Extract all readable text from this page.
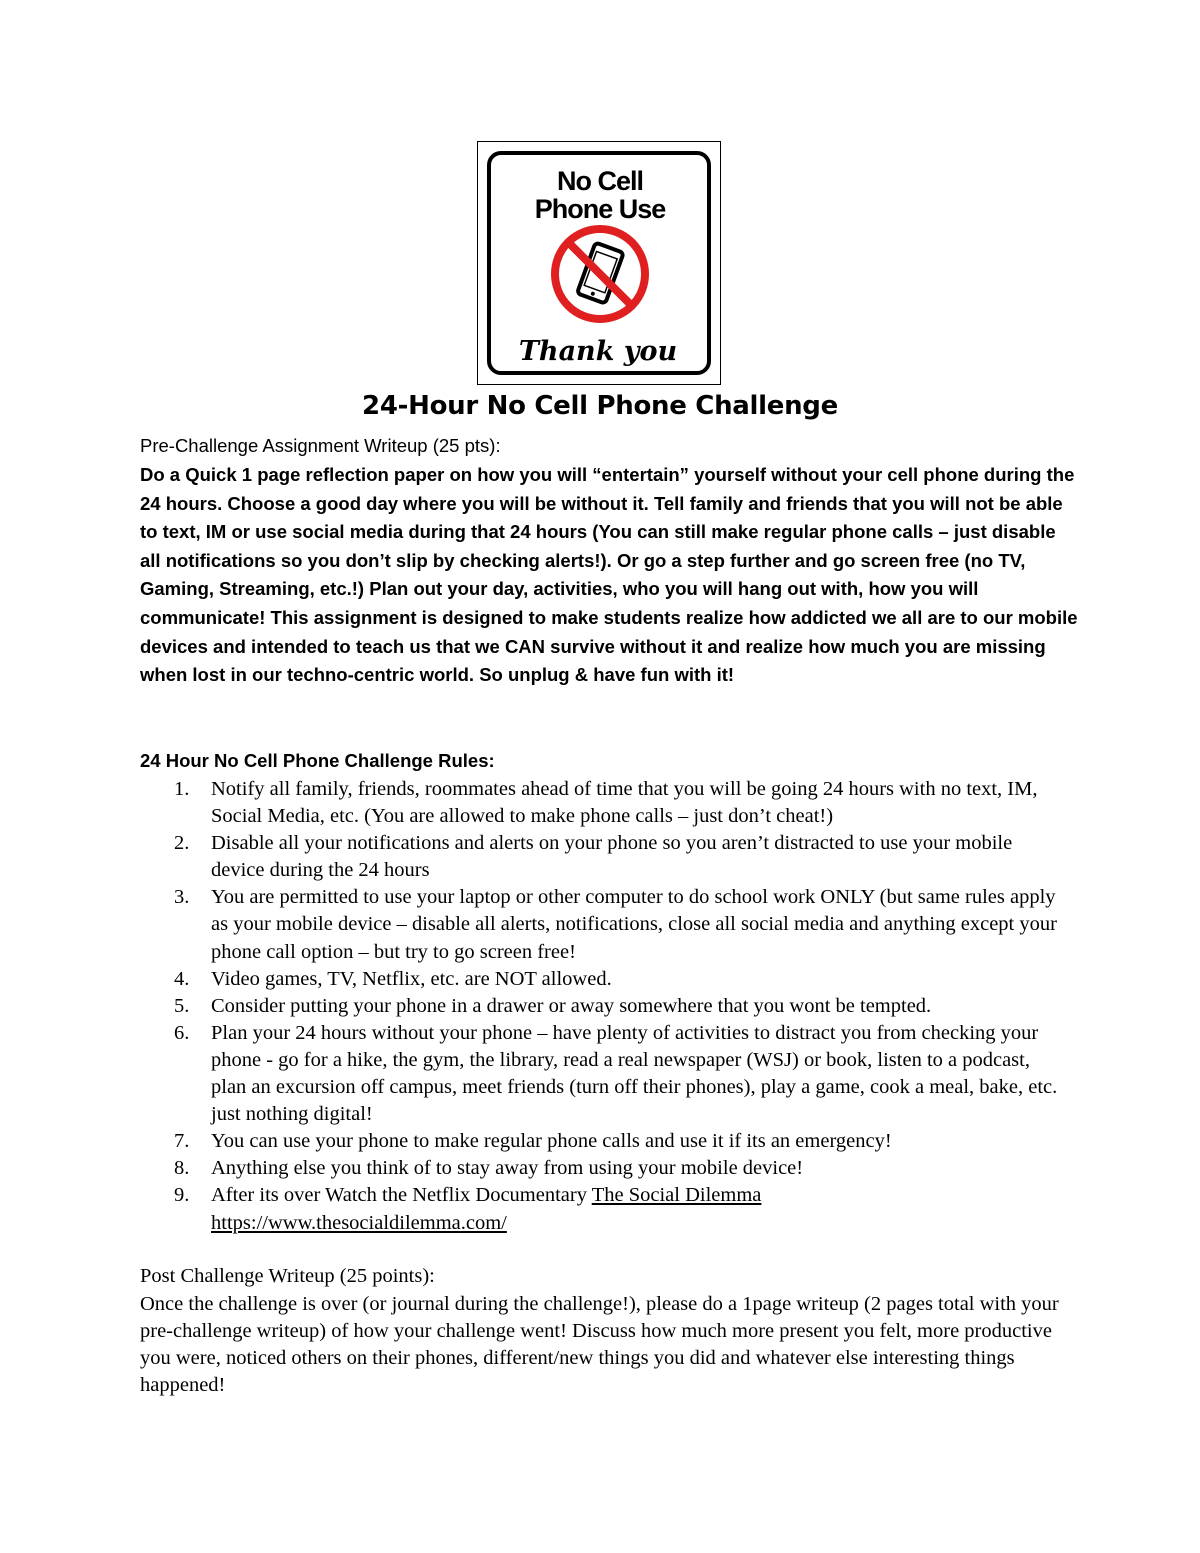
No Cell
Phone Use
Thank you
24-Hour No Cell Phone Challenge
Pre-Challenge Assignment Writeup (25 pts):
Do a Quick 1 page reflection paper on how you will “entertain” yourself without your cell phone during the 24 hours. Choose a good day where you will be without it. Tell family and friends that you will not be able to text, IM or use social media during that 24 hours (You can still make regular phone calls – just disable all notifications so you don’t slip by checking alerts!). Or go a step further and go screen free (no TV, Gaming, Streaming, etc.!) Plan out your day, activities, who you will hang out with, how you will communicate! This assignment is designed to make students realize how addicted we all are to our mobile devices and intended to teach us that we CAN survive without it and realize how much you are missing when lost in our techno-centric world. So unplug & have fun with it!
24 Hour No Cell Phone Challenge Rules:
1.	Notify all family, friends, roommates ahead of time that you will be going 24 hours with no text, IM, Social Media, etc. (You are allowed to make phone calls – just don’t cheat!)
2.	Disable all your notifications and alerts on your phone so you aren’t distracted to use your mobile device during the 24 hours
3.	You are permitted to use your laptop or other computer to do school work ONLY (but same rules apply as your mobile device – disable all alerts, notifications, close all social media and anything except your phone call option – but try to go screen free!
4.	Video games, TV, Netflix, etc. are NOT allowed.
5.	Consider putting your phone in a drawer or away somewhere that you wont be tempted.
6.	Plan your 24 hours without your phone – have plenty of activities to distract you from checking your phone - go for a hike, the gym, the library, read a real newspaper (WSJ) or book, listen to a podcast, plan an excursion off campus, meet friends (turn off their phones), play a game, cook a meal, bake, etc. just nothing digital!
7.	You can use your phone to make regular phone calls and use it if its an emergency!
8.	Anything else you think of to stay away from using your mobile device!
9.	After its over Watch the Netflix Documentary The Social Dilemma
https://www.thesocialdilemma.com/
Post Challenge Writeup (25 points):
Once the challenge is over (or journal during the challenge!), please do a 1page writeup (2 pages total with your pre-challenge writeup) of how your challenge went! Discuss how much more present you felt, more productive you were, noticed others on their phones, different/new things you did and whatever else interesting things happened!
